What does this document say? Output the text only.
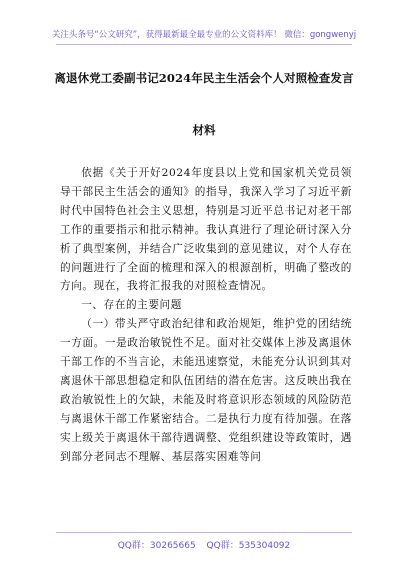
关注头条号“公文研究”，获得最新最全最专业的公文资料库！ 微信：gongwenyj
离退休党工委副书记2024年民主生活会个人对照检查发言
材料

依据《关于开好2024年度县以上党和国家机关党员领导干部民主生活会的通知》的指导，我深入学习了习近平新时代中国特色社会主义思想，特别是习近平总书记对老干部工作的重要指示和批示精神。我认真进行了理论研讨深入分析了典型案例，并结合广泛收集到的意见建议，对个人存在的问题进行了全面的梳理和深入的根源剖析，明确了整改的方向。现在，我将汇报我的对照检查情况。

一、存在的主要问题

（一）带头严守政治纪律和政治规矩，维护党的团结统一方面。一是政治敏锐性不足。面对社交媒体上涉及离退休干部工作的不当言论，未能迅速察觉，未能充分认识到其对离退休干部思想稳定和队伍团结的潜在危害。这反映出我在政治敏锐性上的欠缺，未能及时将意识形态领域的风险防范与离退休干部工作紧密结合。二是执行力度有待加强。在落实上级关于离退休干部待遇调整、党组织建设等政策时，遇到部分老同志不理解、基层落实困难等问

QQ群：30265665 QQ群：535304092
